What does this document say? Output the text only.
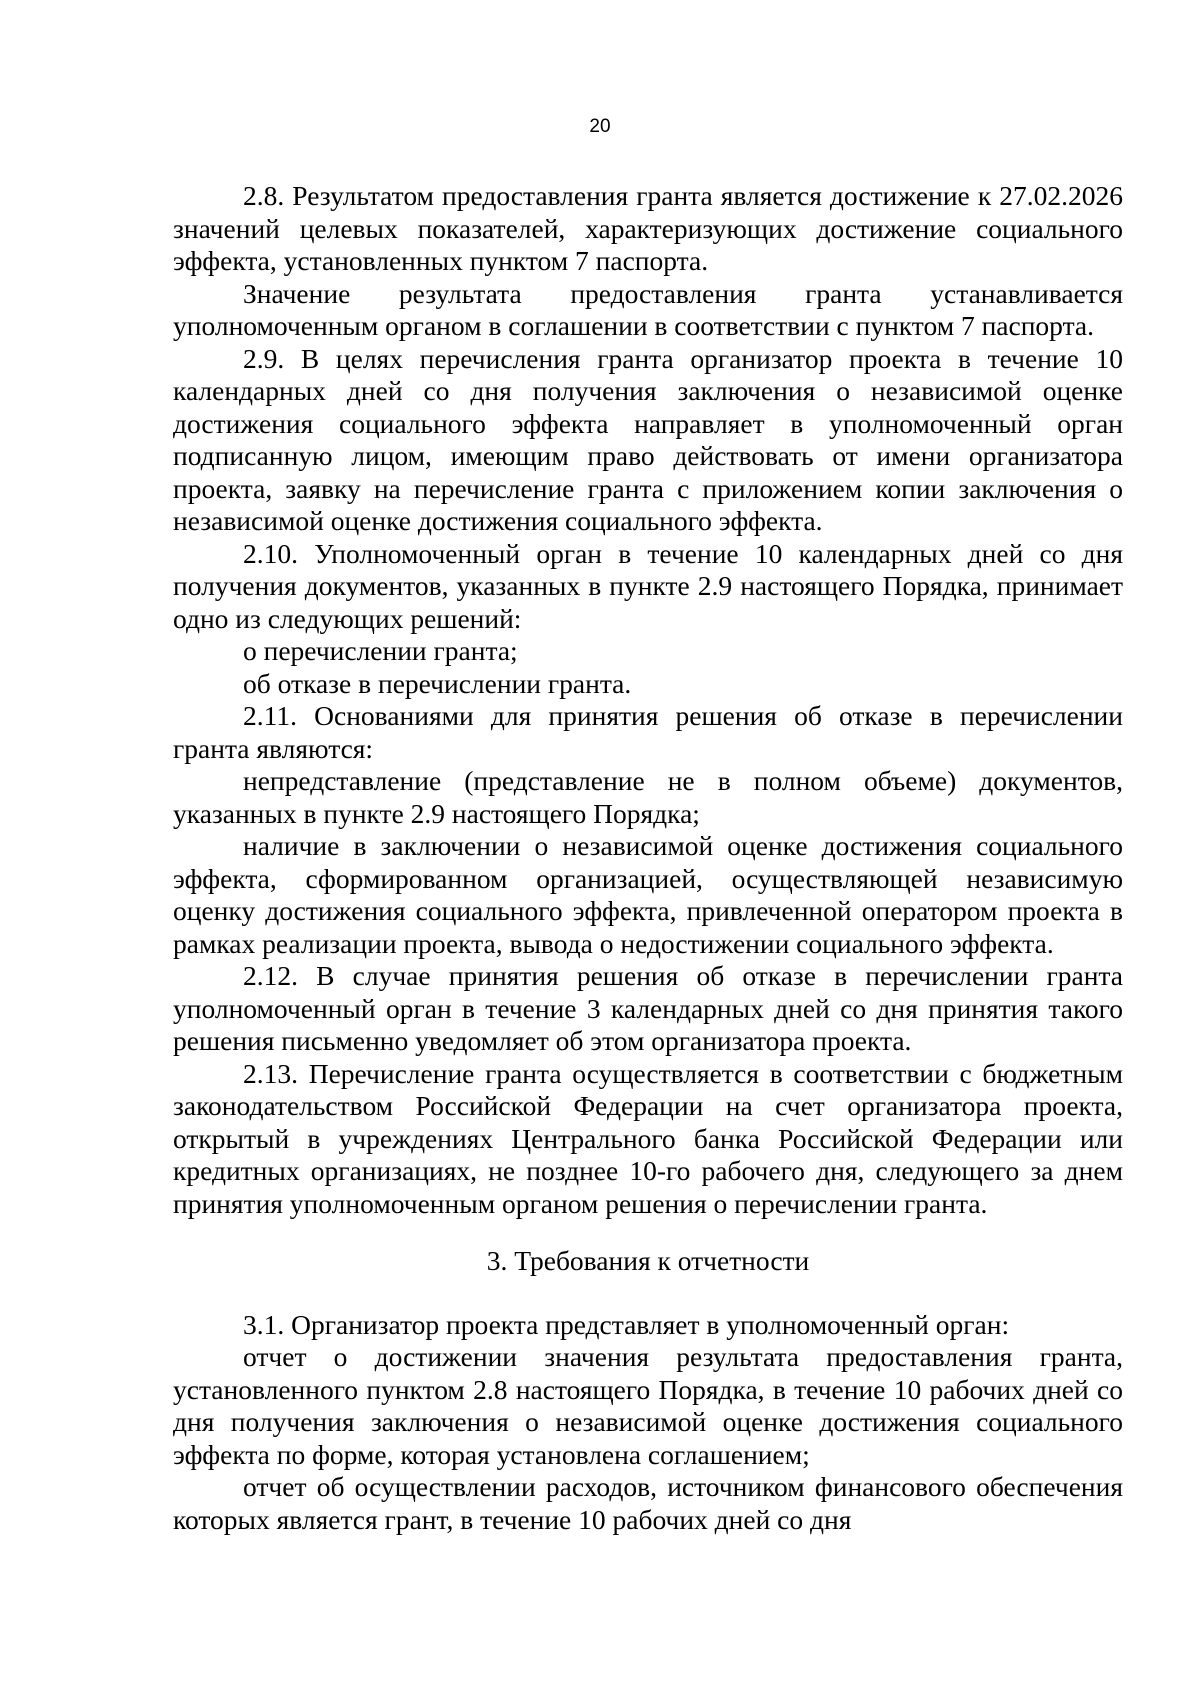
20

2.8. Результатом предоставления гранта является достижение к 27.02.2026 значений целевых показателей, характеризующих достижение социального эффекта, установленных пунктом 7 паспорта.

Значение результата предоставления гранта устанавливается уполномоченным органом в соглашении в соответствии с пунктом 7 паспорта.

2.9. В целях перечисления гранта организатор проекта в течение 10 календарных дней со дня получения заключения о независимой оценке достижения социального эффекта направляет в уполномоченный орган подписанную лицом, имеющим право действовать от имени организатора проекта, заявку на перечисление гранта с приложением копии заключения о независимой оценке достижения социального эффекта.

2.10. Уполномоченный орган в течение 10 календарных дней со дня получения документов, указанных в пункте 2.9 настоящего Порядка, принимает одно из следующих решений:

о перечислении гранта;

об отказе в перечислении гранта.

2.11. Основаниями для принятия решения об отказе в перечислении гранта являются:

непредставление (представление не в полном объеме) документов, указанных в пункте 2.9 настоящего Порядка;

наличие в заключении о независимой оценке достижения социального эффекта, сформированном организацией, осуществляющей независимую оценку достижения социального эффекта, привлеченной оператором проекта в рамках реализации проекта, вывода о недостижении социального эффекта.

2.12. В случае принятия решения об отказе в перечислении гранта уполномоченный орган в течение 3 календарных дней со дня принятия такого решения письменно уведомляет об этом организатора проекта.

2.13. Перечисление гранта осуществляется в соответствии с бюджетным законодательством Российской Федерации на счет организатора проекта, открытый в учреждениях Центрального банка Российской Федерации или кредитных организациях, не позднее 10-го рабочего дня, следующего за днем принятия уполномоченным органом решения о перечислении гранта.

3. Требования к отчетности

3.1. Организатор проекта представляет в уполномоченный орган:

отчет о достижении значения результата предоставления гранта, установленного пунктом 2.8 настоящего Порядка, в течение 10 рабочих дней со дня получения заключения о независимой оценке достижения социального эффекта по форме, которая установлена соглашением;

отчет об осуществлении расходов, источником финансового обеспечения которых является грант, в течение 10 рабочих дней со дня
